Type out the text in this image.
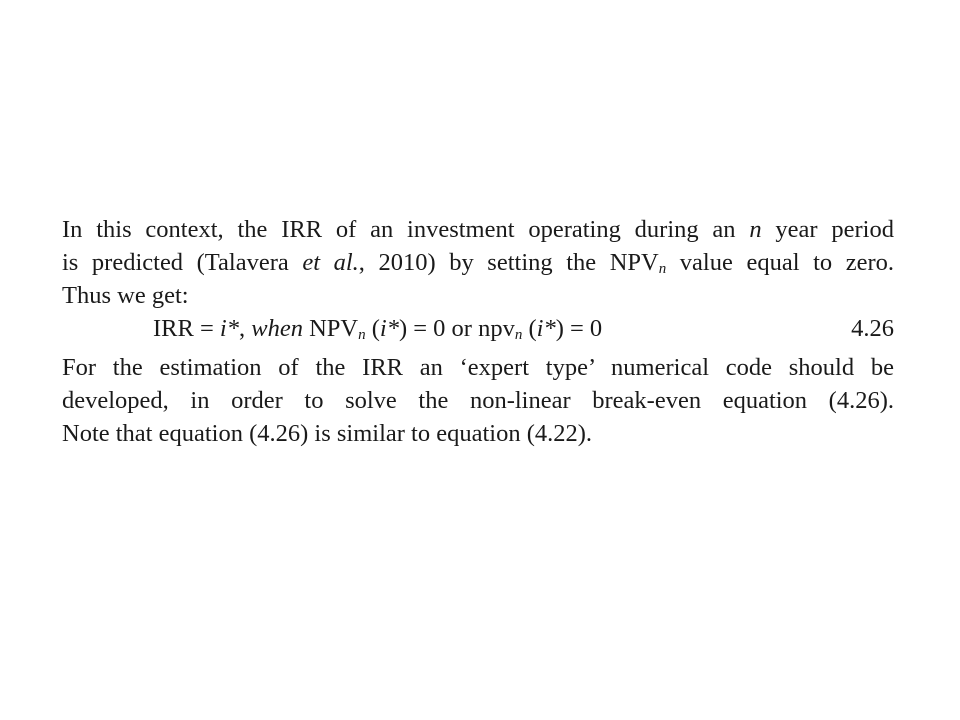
In this context, the IRR of an investment operating during an n year period
is predicted (Talavera et al., 2010) by setting the $NPV_n$ value equal to zero.
Thus we get:

IRR = i*, when $NPV_n$ (i*) = 0 or npv$_n$ (i*) = 0	4.26

For the estimation of the IRR an ‘expert type’ numerical code should be
developed, in order to solve the non-linear break-even equation (4.26).
Note that equation (4.26) is similar to equation (4.22).
